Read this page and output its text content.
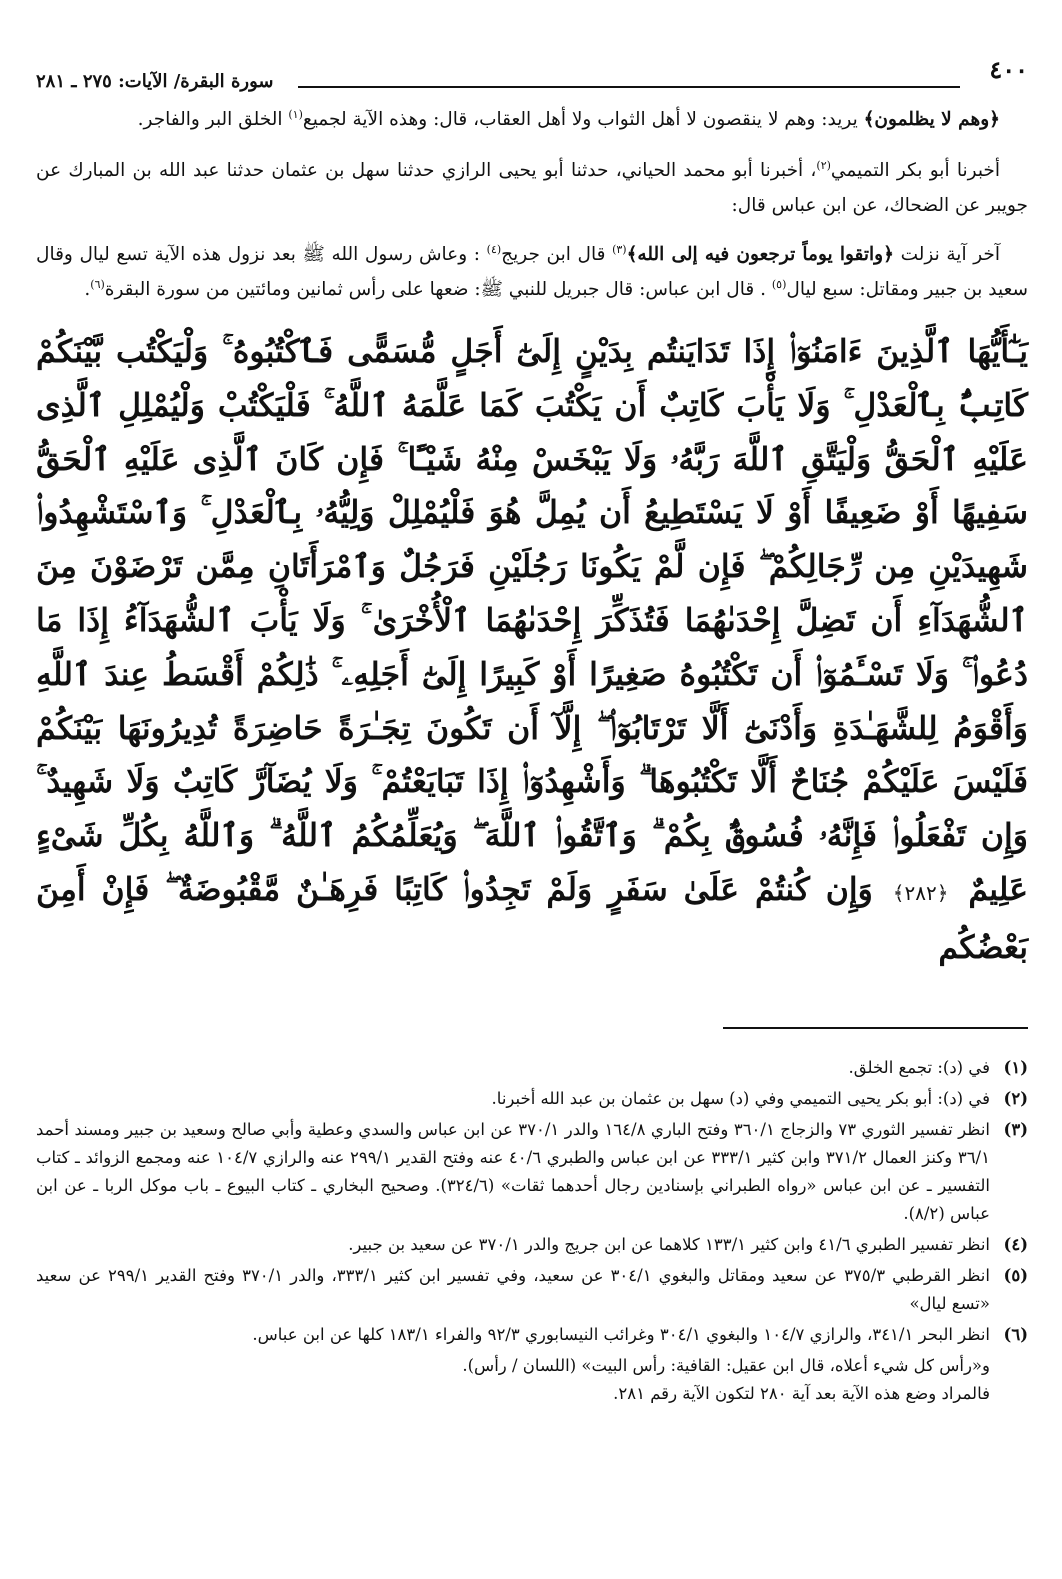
٤٠٠
سورة البقرة/ الآيات: ٢٧٥ ـ ٢٨١

﴿وهم لا يظلمون﴾ يريد: وهم لا ينقصون لا أهل الثواب ولا أهل العقاب، قال: وهذه الآية لجميع$^{(١)}$ الخلق البر والفاجر.

أخبرنا أبو بكر التميمي$^{(٢)}$، أخبرنا أبو محمد الحياني، حدثنا أبو يحيى الرازي حدثنا سهل بن عثمان حدثنا عبد الله بن المبارك عن جويبر عن الضحاك، عن ابن عباس قال:

آخر آية نزلت ﴿واتقوا يوماً ترجعون فيه إلى الله﴾$^{(٣)}$ قال ابن جريج$^{(٤)}$ : وعاش رسول الله ﷺ بعد نزول هذه الآية تسع ليال وقال سعيد بن جبير ومقاتل: سبع ليال$^{(٥)}$ . قال ابن عباس: قال جبريل للنبي ﷺ: ضعها على رأس ثمانين ومائتين من سورة البقرة$^{(٦)}$.

يَـٰٓأَيُّهَا ٱلَّذِينَ ءَامَنُوٓا۟ إِذَا تَدَايَنتُم بِدَيْنٍ إِلَىٰٓ أَجَلٍ مُّسَمًّى فَٱكْتُبُوهُ ۚ وَلْيَكْتُب بَّيْنَكُمْ كَاتِبٌۢ بِٱلْعَدْلِ ۚ وَلَا يَأْبَ كَاتِبٌ أَن يَكْتُبَ كَمَا عَلَّمَهُ ٱللَّهُ ۚ فَلْيَكْتُبْ وَلْيُمْلِلِ ٱلَّذِى عَلَيْهِ ٱلْحَقُّ وَلْيَتَّقِ ٱللَّهَ رَبَّهُۥ وَلَا يَبْخَسْ مِنْهُ شَيْـًٔا ۚ فَإِن كَانَ ٱلَّذِى عَلَيْهِ ٱلْحَقُّ سَفِيهًا أَوْ ضَعِيفًا أَوْ لَا يَسْتَطِيعُ أَن يُمِلَّ هُوَ فَلْيُمْلِلْ وَلِيُّهُۥ بِٱلْعَدْلِ ۚ وَٱسْتَشْهِدُوا۟ شَهِيدَيْنِ مِن رِّجَالِكُمْ ۖ فَإِن لَّمْ يَكُونَا رَجُلَيْنِ فَرَجُلٌ وَٱمْرَأَتَانِ مِمَّن تَرْضَوْنَ مِنَ ٱلشُّهَدَآءِ أَن تَضِلَّ إِحْدَىٰهُمَا فَتُذَكِّرَ إِحْدَىٰهُمَا ٱلْأُخْرَىٰ ۚ وَلَا يَأْبَ ٱلشُّهَدَآءُ إِذَا مَا دُعُوا۟ ۚ وَلَا تَسْـَٔمُوٓا۟ أَن تَكْتُبُوهُ صَغِيرًا أَوْ كَبِيرًا إِلَىٰٓ أَجَلِهِۦ ۚ ذَٰلِكُمْ أَقْسَطُ عِندَ ٱللَّهِ وَأَقْوَمُ لِلشَّهَـٰدَةِ وَأَدْنَىٰٓ أَلَّا تَرْتَابُوٓا۟ ۖ إِلَّآ أَن تَكُونَ تِجَـٰرَةً حَاضِرَةً تُدِيرُونَهَا بَيْنَكُمْ فَلَيْسَ عَلَيْكُمْ جُنَاحٌ أَلَّا تَكْتُبُوهَا ۗ وَأَشْهِدُوٓا۟ إِذَا تَبَايَعْتُمْ ۚ وَلَا يُضَآرَّ كَاتِبٌ وَلَا شَهِيدٌ ۚ وَإِن تَفْعَلُوا۟ فَإِنَّهُۥ فُسُوقٌۢ بِكُمْ ۗ وَٱتَّقُوا۟ ٱللَّهَ ۖ وَيُعَلِّمُكُمُ ٱللَّهُ ۗ وَٱللَّهُ بِكُلِّ شَىْءٍ عَلِيمٌ ﴿٢٨٢﴾ وَإِن كُنتُمْ عَلَىٰ سَفَرٍ وَلَمْ تَجِدُوا۟ كَاتِبًا فَرِهَـٰنٌ مَّقْبُوضَةٌ ۖ فَإِنْ أَمِنَ بَعْضُكُم
(١)
في (د): تجمع الخلق.
(٢)
في (د): أبو بكر يحيى التميمي وفي (د) سهل بن عثمان بن عبد الله أخبرنا.
(٣)
انظر تفسير الثوري ٧٣ والزجاج ٣٦٠/١ وفتح الباري ١٦٤/٨ والدر ٣٧٠/١ عن ابن عباس والسدي وعطية وأبي صالح وسعيد بن جبير ومسند أحمد ٣٦/١ وكنز العمال ٣٧١/٢ وابن كثير ٣٣٣/١ عن ابن عباس والطبري ٤٠/٦ عنه وفتح القدير ٢٩٩/١ عنه والرازي ١٠٤/٧ عنه ومجمع الزوائد ـ كتاب التفسير ـ عن ابن عباس «رواه الطبراني بإسنادين رجال أحدهما ثقات» (٣٢٤/٦). وصحيح البخاري ـ كتاب البيوع ـ باب موكل الربا ـ عن ابن عباس (٨/٢).
(٤)
انظر تفسير الطبري ٤١/٦ وابن كثير ١٣٣/١ كلاهما عن ابن جريج والدر ٣٧٠/١ عن سعيد بن جبير.
(٥)
انظر القرطبي ٣٧٥/٣ عن سعيد ومقاتل والبغوي ٣٠٤/١ عن سعيد، وفي تفسير ابن كثير ٣٣٣/١، والدر ٣٧٠/١ وفتح القدير ٢٩٩/١ عن سعيد «تسع ليال»
(٦)
انظر البحر ٣٤١/١، والرازي ١٠٤/٧ والبغوي ٣٠٤/١ وغرائب النيسابوري ٩٢/٣ والفراء ١٨٣/١ كلها عن ابن عباس.

و«رأس كل شيء أعلاه، قال ابن عقيل: القافية: رأس البيت» (اللسان / رأس).

فالمراد وضع هذه الآية بعد آية ٢٨٠ لتكون الآية رقم ٢٨١.
